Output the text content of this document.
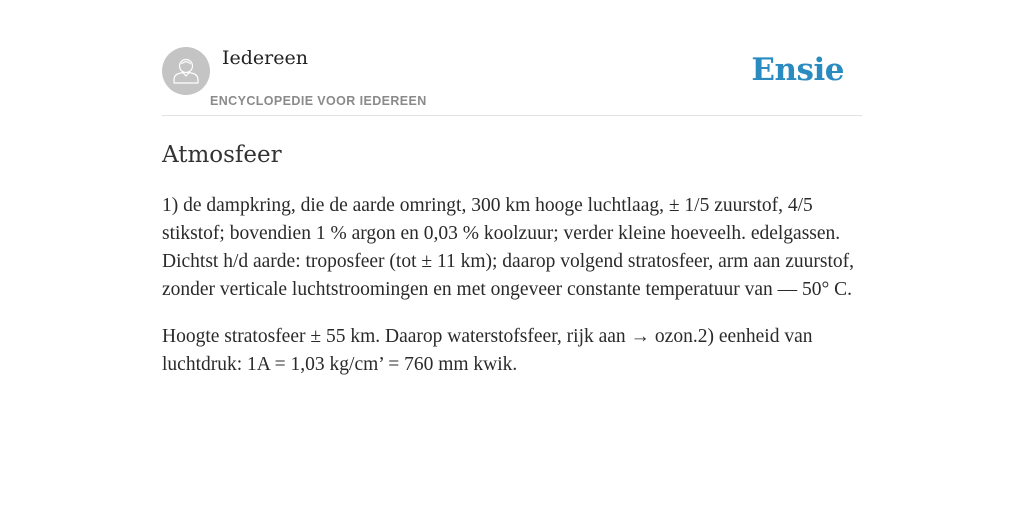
Iedereen
ENCYCLOPEDIE VOOR IEDEREEN
Ensie
Atmosfeer

1) de dampkring, die de aarde omringt, 300 km hooge luchtlaag, ± 1/5 zuurstof, 4/5 stikstof; bovendien 1 % argon en 0,03 % koolzuur; verder kleine hoeveelh. edelgassen. Dichtst h/d aarde: troposfeer (tot ± 11 km); daarop volgend stratosfeer, arm aan zuurstof, zonder verticale luchtstroomingen en met ongeveer constante temperatuur van — 50° C.

Hoogte stratosfeer ± 55 km. Daarop waterstofsfeer, rijk aan → ozon.2) eenheid van luchtdruk: 1A = 1,03 kg/cm’ = 760 mm kwik.
